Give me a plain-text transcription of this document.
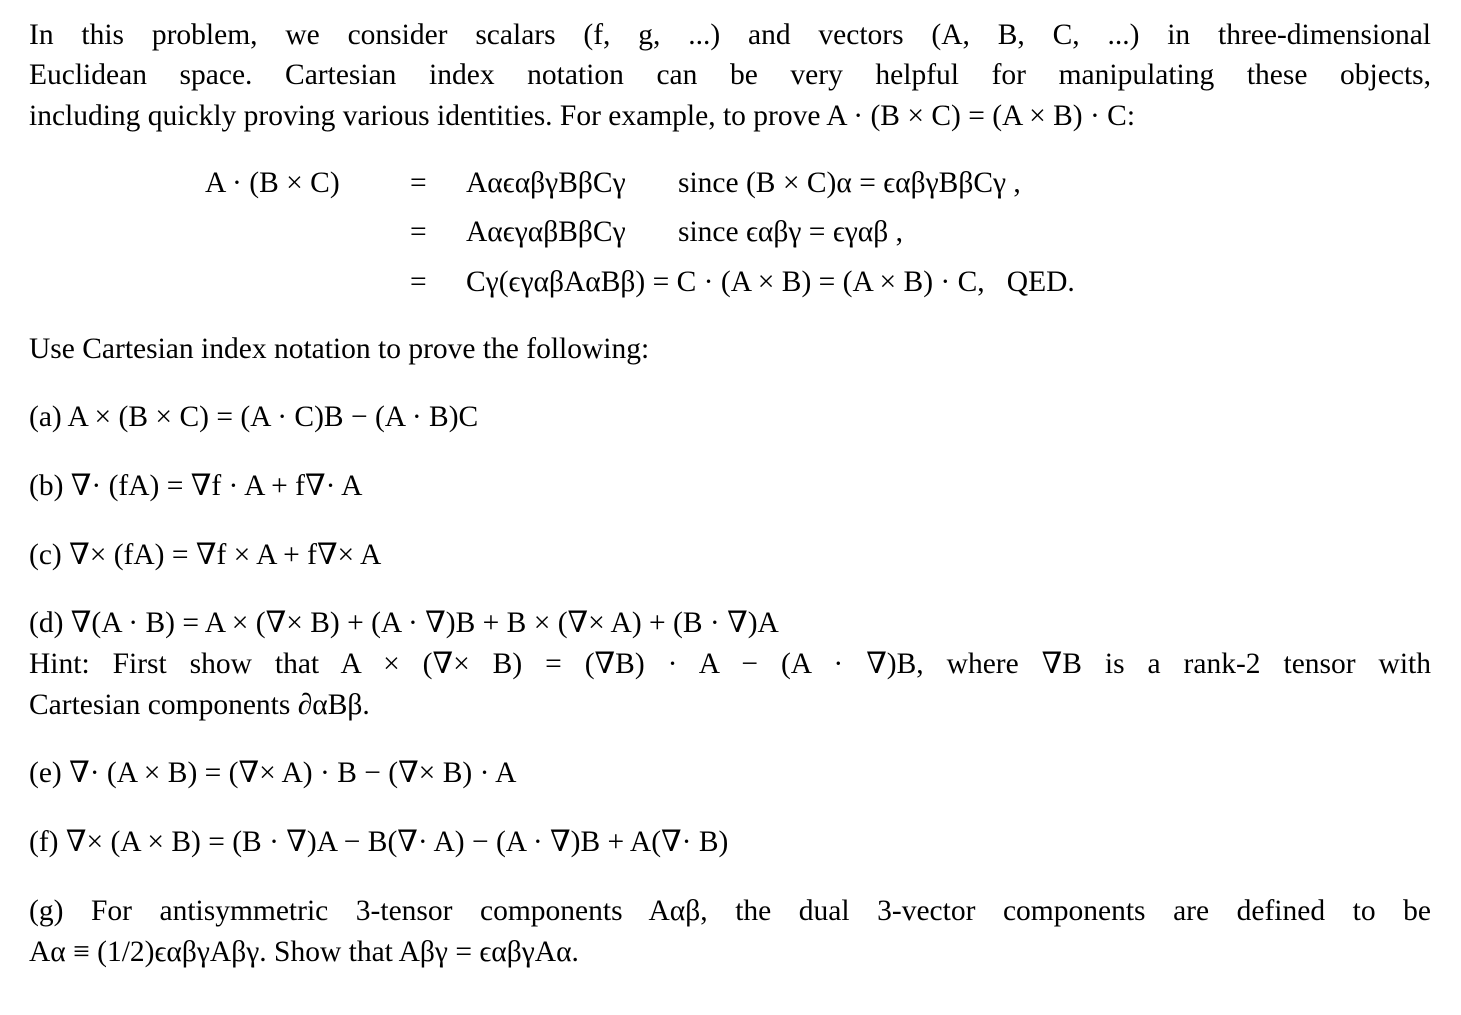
In this problem, we consider scalars (f, g, ...) and vectors (A, B, C, ...) in three-dimensional
Euclidean space. Cartesian index notation can be very helpful for manipulating these objects,
including quickly proving various identities. For example, to prove A · (B × C) = (A × B) · C:
A · (B × C) = AαϵαβγBβCγ since (B × C)α = ϵαβγBβCγ ,
= AαϵγαβBβCγ since ϵαβγ = ϵγαβ ,
= Cγ(ϵγαβAαBβ) = C · (A × B) = (A × B) · C,   QED.
Use Cartesian index notation to prove the following:
(a) A × (B × C) = (A · C)B − (A · B)C
(b) ∇· (fA) = ∇f · A + f∇· A
(c) ∇× (fA) = ∇f × A + f∇× A
(d) ∇(A · B) = A × (∇× B) + (A · ∇)B + B × (∇× A) + (B · ∇)A
Hint: First show that A × (∇× B) = (∇B) · A − (A · ∇)B, where ∇B is a rank-2 tensor with
Cartesian components ∂αBβ.
(e) ∇· (A × B) = (∇× A) · B − (∇× B) · A
(f) ∇× (A × B) = (B · ∇)A − B(∇· A) − (A · ∇)B + A(∇· B)
(g) For antisymmetric 3-tensor components Aαβ, the dual 3-vector components are defined to be
Aα ≡ (1/2)ϵαβγAβγ. Show that Aβγ = ϵαβγAα.
